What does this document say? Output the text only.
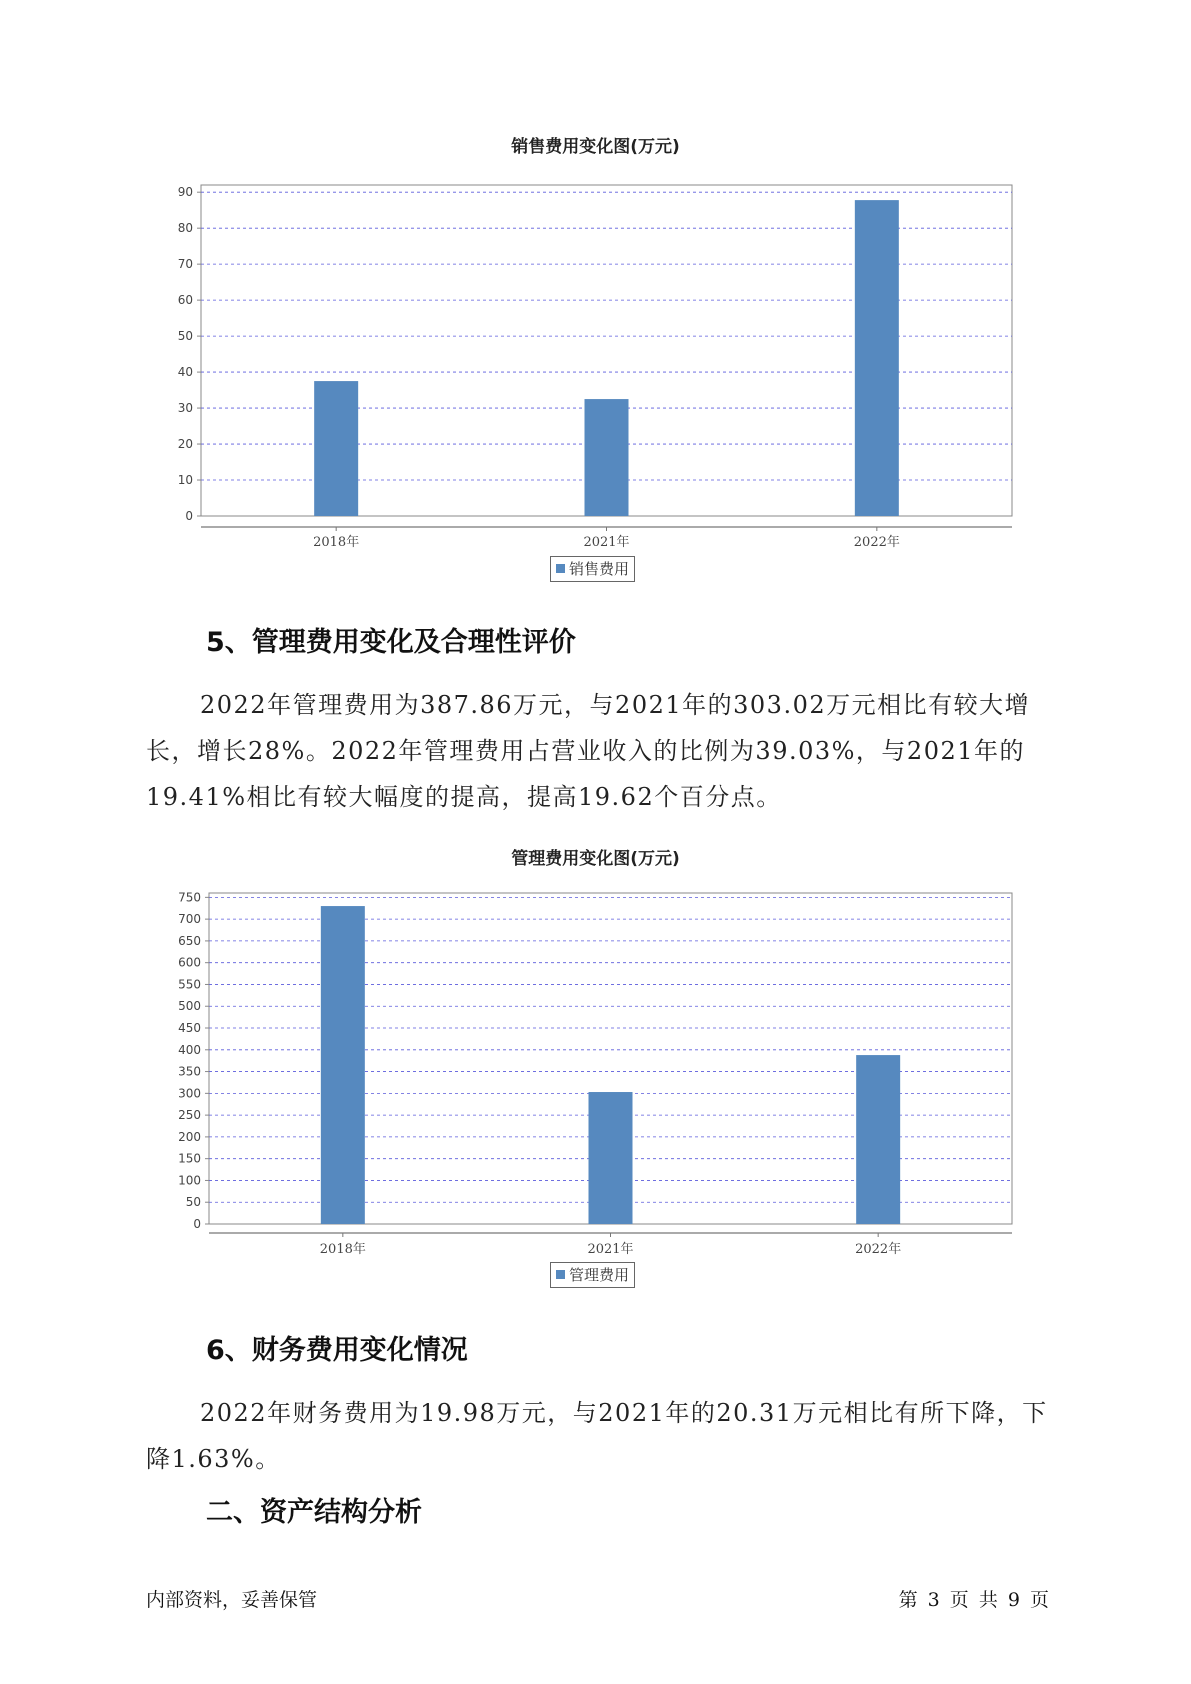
销售费用变化图(万元)
0
10
20
30
40
50
60
70
80
90
2018年	2021年	2022年
销售费用
5、管理费用变化及合理性评价

2022年管理费用为387.86万元，与2021年的303.02万元相比有较大增长，增长28%。2022年管理费用占营业收入的比例为39.03%，与2021年的19.41%相比有较大幅度的提高，提高19.62个百分点。

管理费用变化图(万元)
0
50
100
150
200
250
300
350
400
450
500
550
600
650
700
750
2018年	2021年	2022年
管理费用
6、财务费用变化情况

2022年财务费用为19.98万元，与2021年的20.31万元相比有所下降，下降1.63%。

二、资产结构分析
内部资料，妥善保管	第 3 页 共 9 页
